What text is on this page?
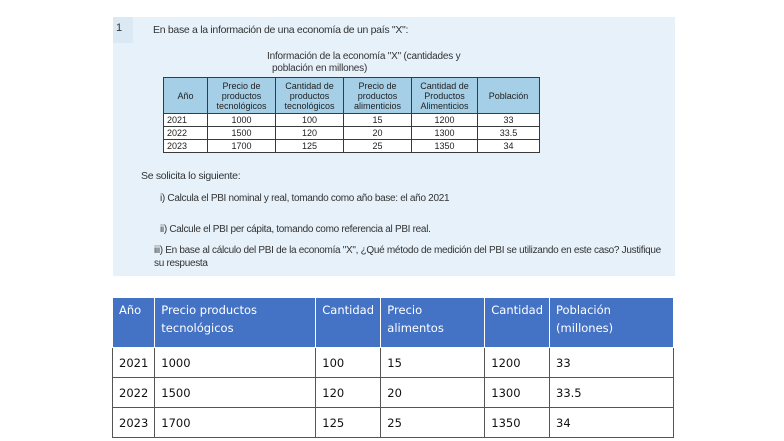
1	En base a la información de una economía de un país "X":
Información de la economía "X" (cantidades y
población en millones)
Año	Precio de productos tecnológicos	Cantidad de productos tecnológicos	Precio de productos alimenticios	Cantidad de Productos Alimenticios	Población
2021	1000	100	15	1200	33
2022	1500	120	20	1300	33.5
2023	1700	125	25	1350	34
Se solicita lo siguiente:
i) Calcula el PBI nominal y real, tomando como año base: el año 2021
ii) Calcule el PBI per cápita, tomando como referencia al PBI real.
iii) En base al cálculo del PBI de la economía "X", ¿Qué método de medición del PBI se utilizando en este caso? Justifique su respuesta
Año	Precio productos tecnológicos	Cantidad	Precio alimentos	Cantidad	Población (millones)
2021	1000	100	15	1200	33
2022	1500	120	20	1300	33.5
2023	1700	125	25	1350	34
